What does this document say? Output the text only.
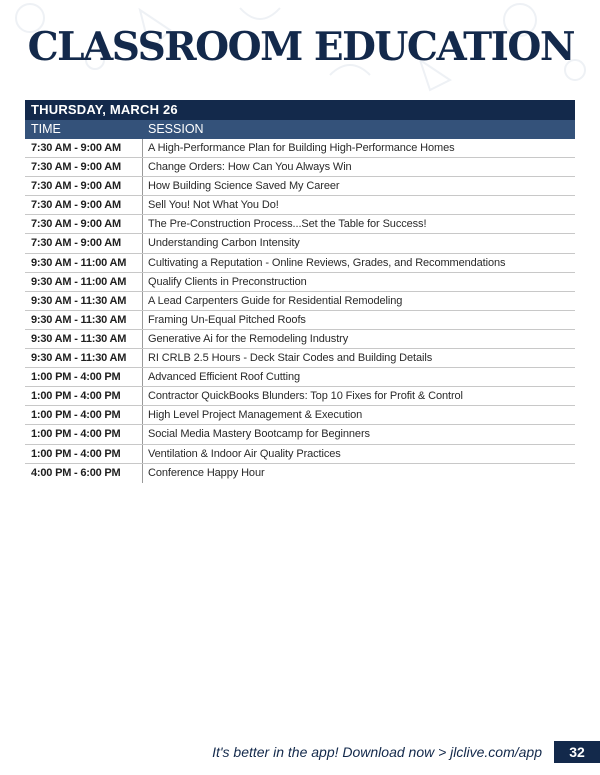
CLASSROOM EDUCATION
THURSDAY, MARCH 26
TIME	SESSION
7:30 AM - 9:00 AM	A High-Performance Plan for Building High-Performance Homes
7:30 AM - 9:00 AM	Change Orders: How Can You Always Win
7:30 AM - 9:00 AM	How Building Science Saved My Career
7:30 AM - 9:00 AM	Sell You! Not What You Do!
7:30 AM - 9:00 AM	The Pre-Construction Process...Set the Table for Success!
7:30 AM - 9:00 AM	Understanding Carbon Intensity
9:30 AM - 11:00 AM	Cultivating a Reputation - Online Reviews, Grades, and Recommendations
9:30 AM - 11:00 AM	Qualify Clients in Preconstruction
9:30 AM - 11:30 AM	A Lead Carpenters Guide for Residential Remodeling
9:30 AM - 11:30 AM	Framing Un-Equal Pitched Roofs
9:30 AM - 11:30 AM	Generative Ai for the Remodeling Industry
9:30 AM - 11:30 AM	RI CRLB 2.5 Hours - Deck Stair Codes and Building Details
1:00 PM - 4:00 PM	Advanced Efficient Roof Cutting
1:00 PM - 4:00 PM	Contractor QuickBooks Blunders: Top 10 Fixes for Profit & Control
1:00 PM - 4:00 PM	High Level Project Management & Execution
1:00 PM - 4:00 PM	Social Media Mastery Bootcamp for Beginners
1:00 PM - 4:00 PM	Ventilation & Indoor Air Quality Practices
4:00 PM - 6:00 PM	Conference Happy Hour
It's better in the app! Download now > jlclive.com/app	32
